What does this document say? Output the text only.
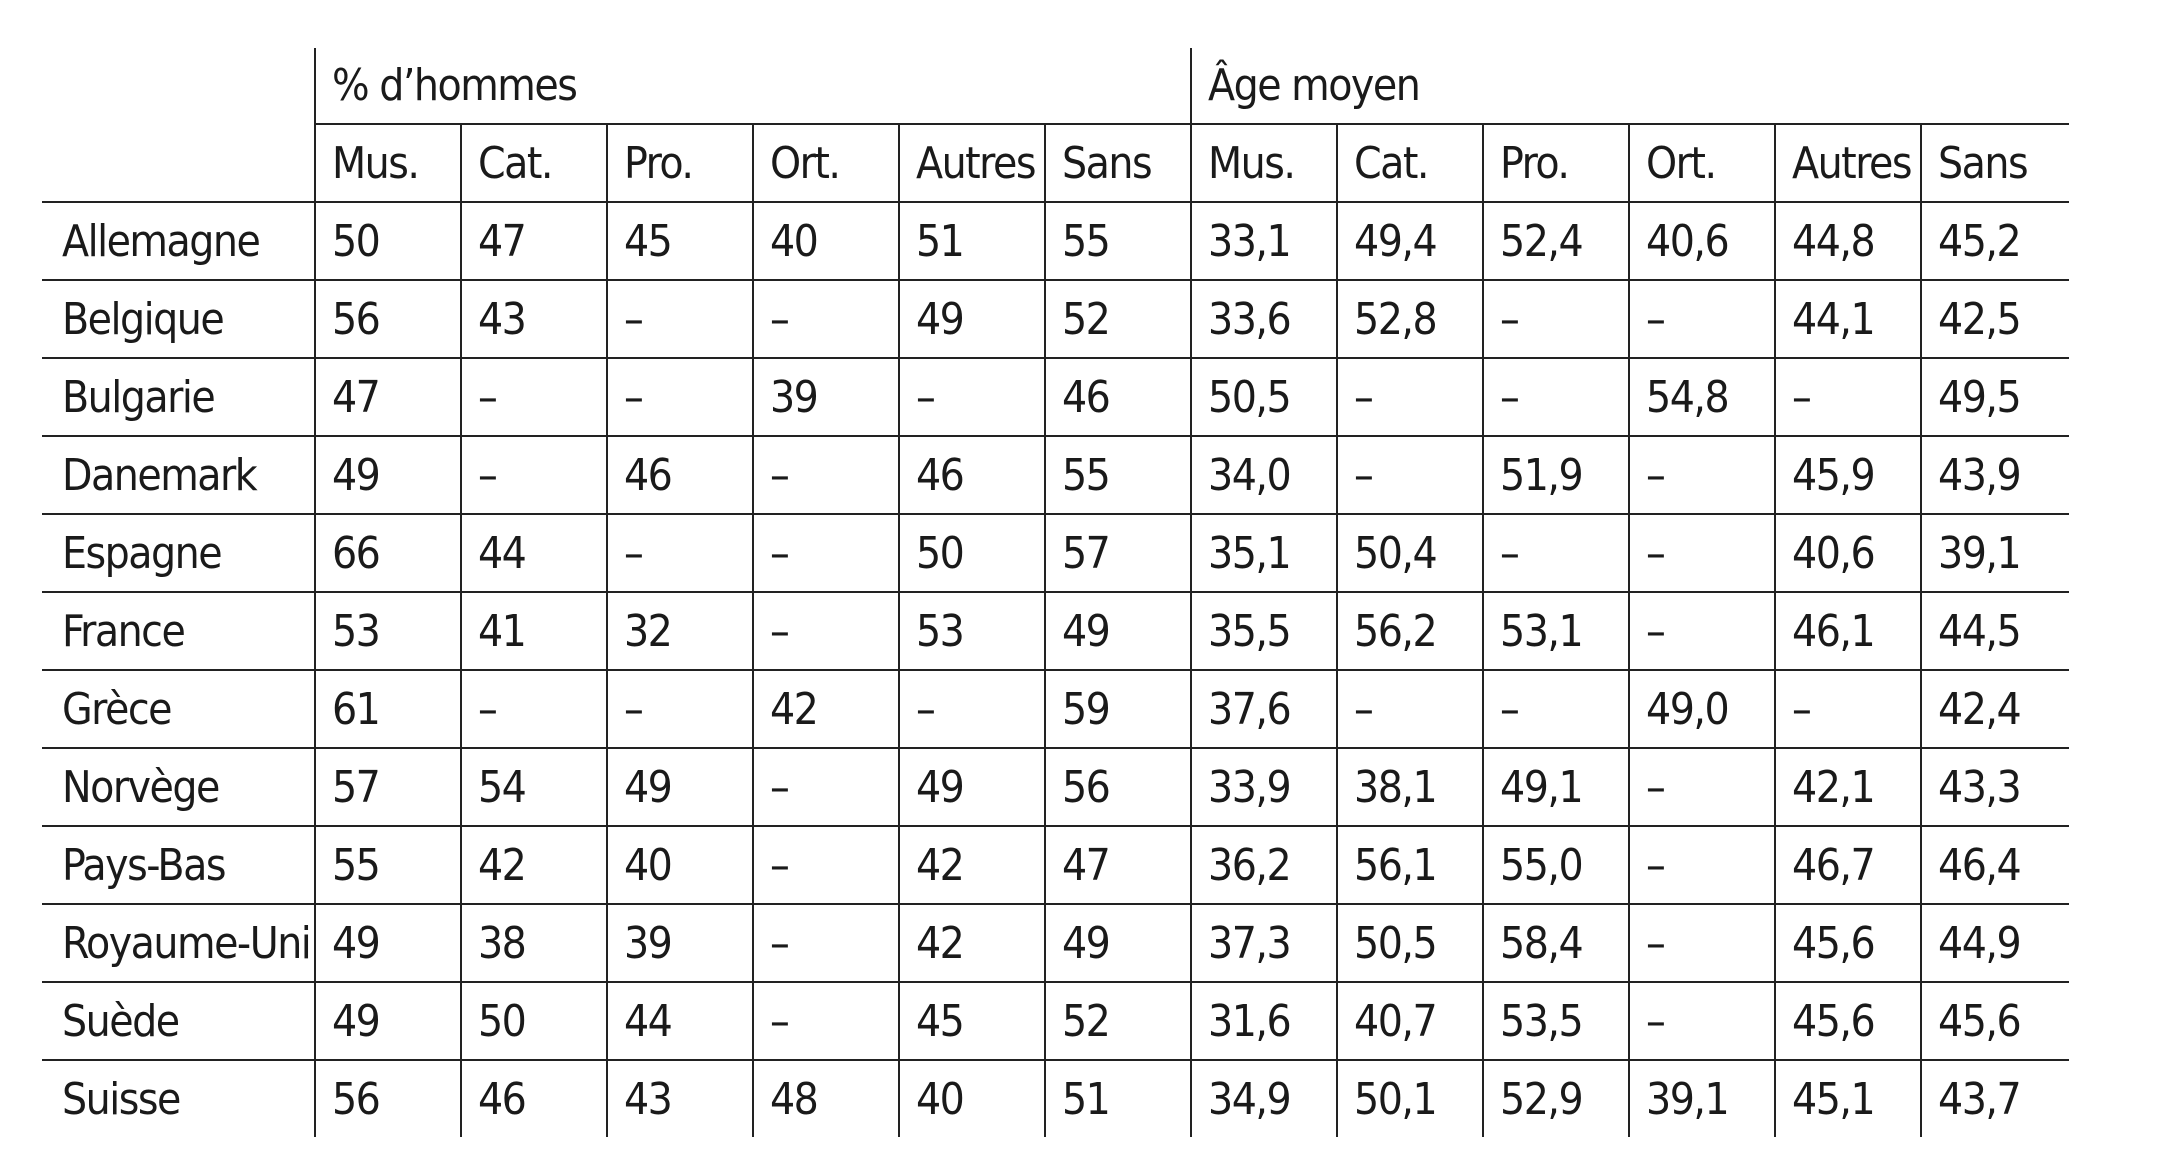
	% d’hommes						Âge moyen					
	Mus.	Cat.	Pro.	Ort.	Autres	Sans	Mus.	Cat.	Pro.	Ort.	Autres	Sans
Allemagne	50	47	45	40	51	55	33,1	49,4	52,4	40,6	44,8	45,2
Belgique	56	43	–	–	49	52	33,6	52,8	–	–	44,1	42,5
Bulgarie	47	–	–	39	–	46	50,5	–	–	54,8	–	49,5
Danemark	49	–	46	–	46	55	34,0	–	51,9	–	45,9	43,9
Espagne	66	44	–	–	50	57	35,1	50,4	–	–	40,6	39,1
France	53	41	32	–	53	49	35,5	56,2	53,1	–	46,1	44,5
Grèce	61	–	–	42	–	59	37,6	–	–	49,0	–	42,4
Norvège	57	54	49	–	49	56	33,9	38,1	49,1	–	42,1	43,3
Pays-Bas	55	42	40	–	42	47	36,2	56,1	55,0	–	46,7	46,4
Royaume-Uni	49	38	39	–	42	49	37,3	50,5	58,4	–	45,6	44,9
Suède	49	50	44	–	45	52	31,6	40,7	53,5	–	45,6	45,6
Suisse	56	46	43	48	40	51	34,9	50,1	52,9	39,1	45,1	43,7
